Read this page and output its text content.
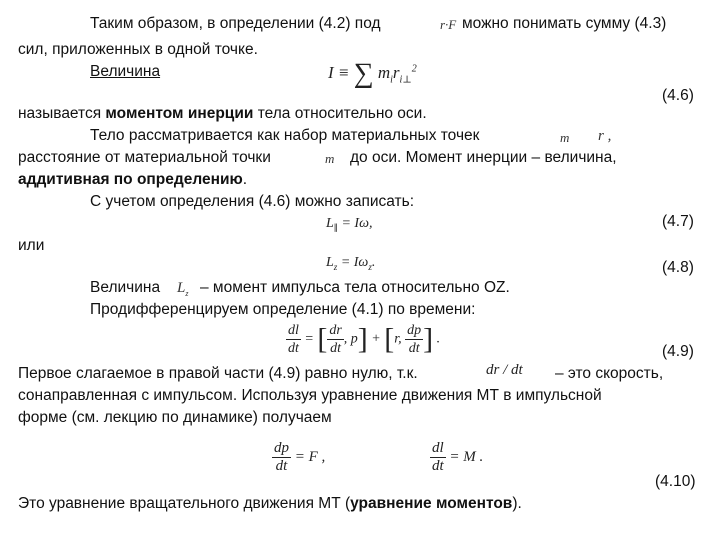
Таким образом, в определении (4.2) под	r·F можно понимать сумму (4.3)
сил, приложенных в одной точке.
Величина	I ≡ ∑ $m_ir_{i\perp}^2$
(4.6)
называется моментом инерции тела относительно оси.
Тело рассматривается как набор материальных точек	m r ,
расстояние от материальной точки	m до оси. Момент инерции – величина,
аддитивная по определению.
С учетом определения (4.6) можно записать:
$L_\parallel = I\omega$,	(4.7)
или
$L_z = I\omega_z$.	(4.8)
Величина $L_z$ – момент импульса тела относительно OZ.
Продифференцируем определение (4.1) по времени:
$\frac{dl}{dt}$ = [ $\frac{dr}{dt}$ , p] + [r, $\frac{dp}{dt}$ ] .
(4.9)
Первое слагаемое в правой части (4.9) равно нулю, т.к.	dr / dt – это скорость,
сонаправленная с импульсом. Используя уравнение движения МТ в импульсной
форме (см. лекцию по динамике) получаем
$\frac{dp}{dt} = F$ ,	$\frac{dl}{dt} = M$ .
(4.10)
Это уравнение вращательного движения МТ (уравнение моментов).
